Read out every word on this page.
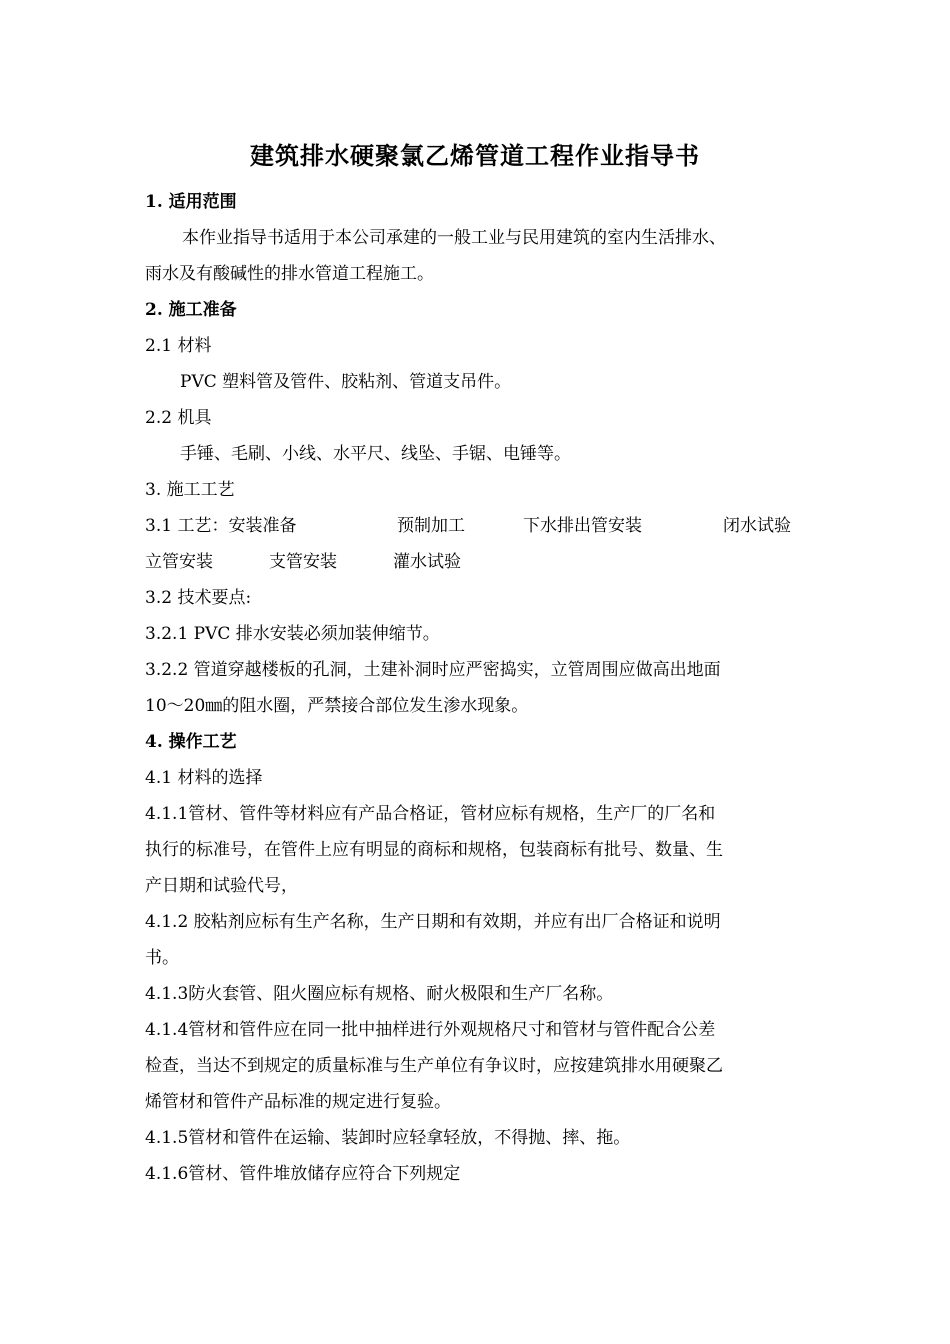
建筑排水硬聚氯乙烯管道工程作业指导书
1. 适用范围
本作业指导书适用于本公司承建的一般工业与民用建筑的室内生活排水、
雨水及有酸碱性的排水管道工程施工。
2. 施工准备
2.1 材料
PVC 塑料管及管件、胶粘剂、管道支吊件。
2.2 机具
手锤、毛刷、小线、水平尺、线坠、手锯、电锤等。
3. 施工工艺
3.1 工艺：安装准备	预制加工	下水排出管安装	闭水试验
立管安装	支管安装	灌水试验
3.2 技术要点:
3.2.1 PVC 排水安装必须加装伸缩节。
3.2.2 管道穿越楼板的孔洞，土建补洞时应严密捣实，立管周围应做高出地面
10～20㎜的阻水圈，严禁接合部位发生渗水现象。
4. 操作工艺
4.1 材料的选择
4.1.1管材、管件等材料应有产品合格证，管材应标有规格，生产厂的厂名和
执行的标准号，在管件上应有明显的商标和规格，包装商标有批号、数量、生
产日期和试验代号，
4.1.2 胶粘剂应标有生产名称，生产日期和有效期，并应有出厂合格证和说明
书。
4.1.3防火套管、阻火圈应标有规格、耐火极限和生产厂名称。
4.1.4管材和管件应在同一批中抽样进行外观规格尺寸和管材与管件配合公差
检查，当达不到规定的质量标准与生产单位有争议时，应按建筑排水用硬聚乙
烯管材和管件产品标准的规定进行复验。
4.1.5管材和管件在运输、装卸时应轻拿轻放，不得抛、摔、拖。
4.1.6管材、管件堆放储存应符合下列规定
